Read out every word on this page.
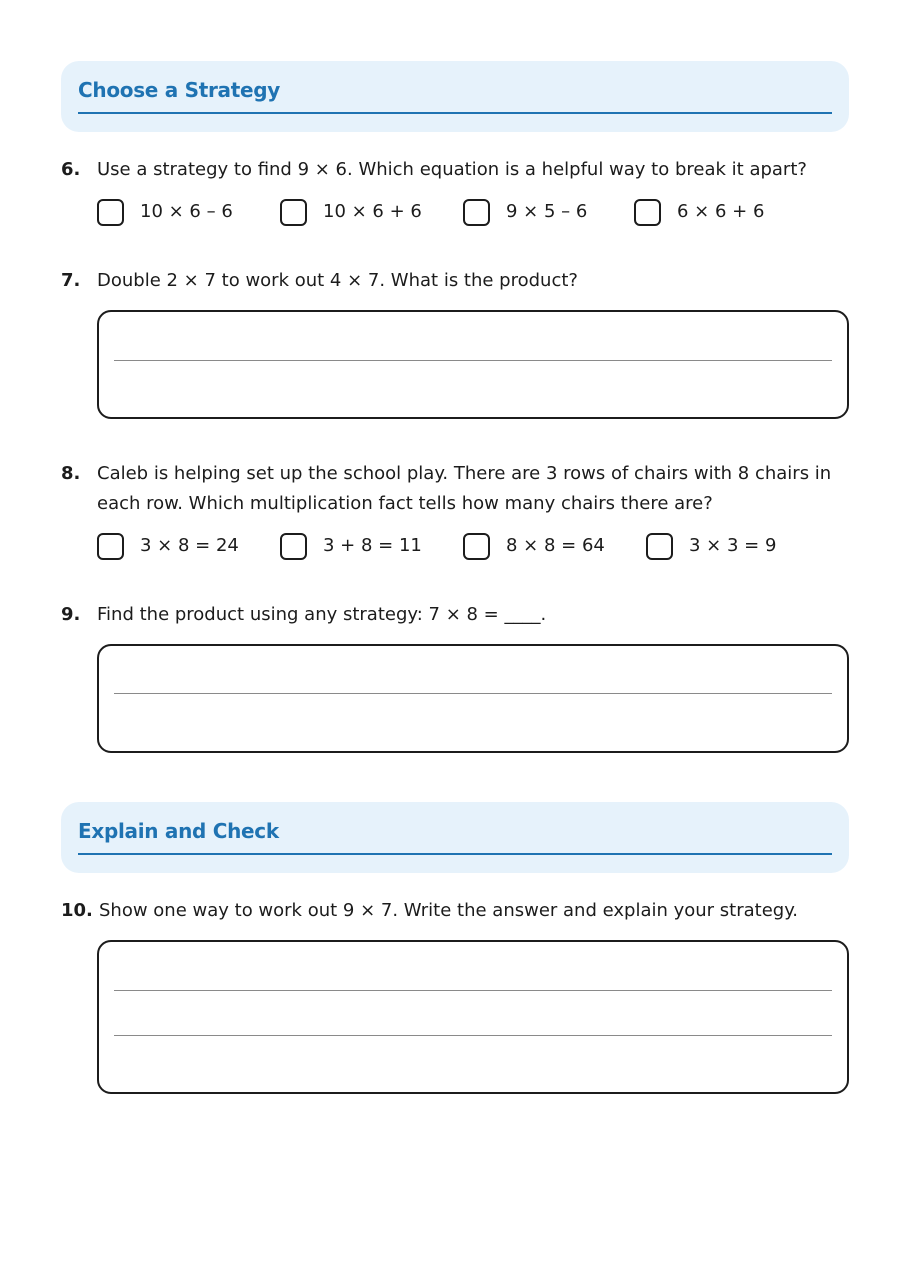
Choose a Strategy
6. Use a strategy to find 9 × 6. Which equation is a helpful way to break it apart?
10 × 6 – 6	10 × 6 + 6	9 × 5 – 6	6 × 6 + 6
7. Double 2 × 7 to work out 4 × 7. What is the product?
8. Caleb is helping set up the school play. There are 3 rows of chairs with 8 chairs in
each row. Which multiplication fact tells how many chairs there are?
3 × 8 = 24	3 + 8 = 11	8 × 8 = 64	3 × 3 = 9
9. Find the product using any strategy: 7 × 8 = ____.
Explain and Check
10. Show one way to work out 9 × 7. Write the answer and explain your strategy.
